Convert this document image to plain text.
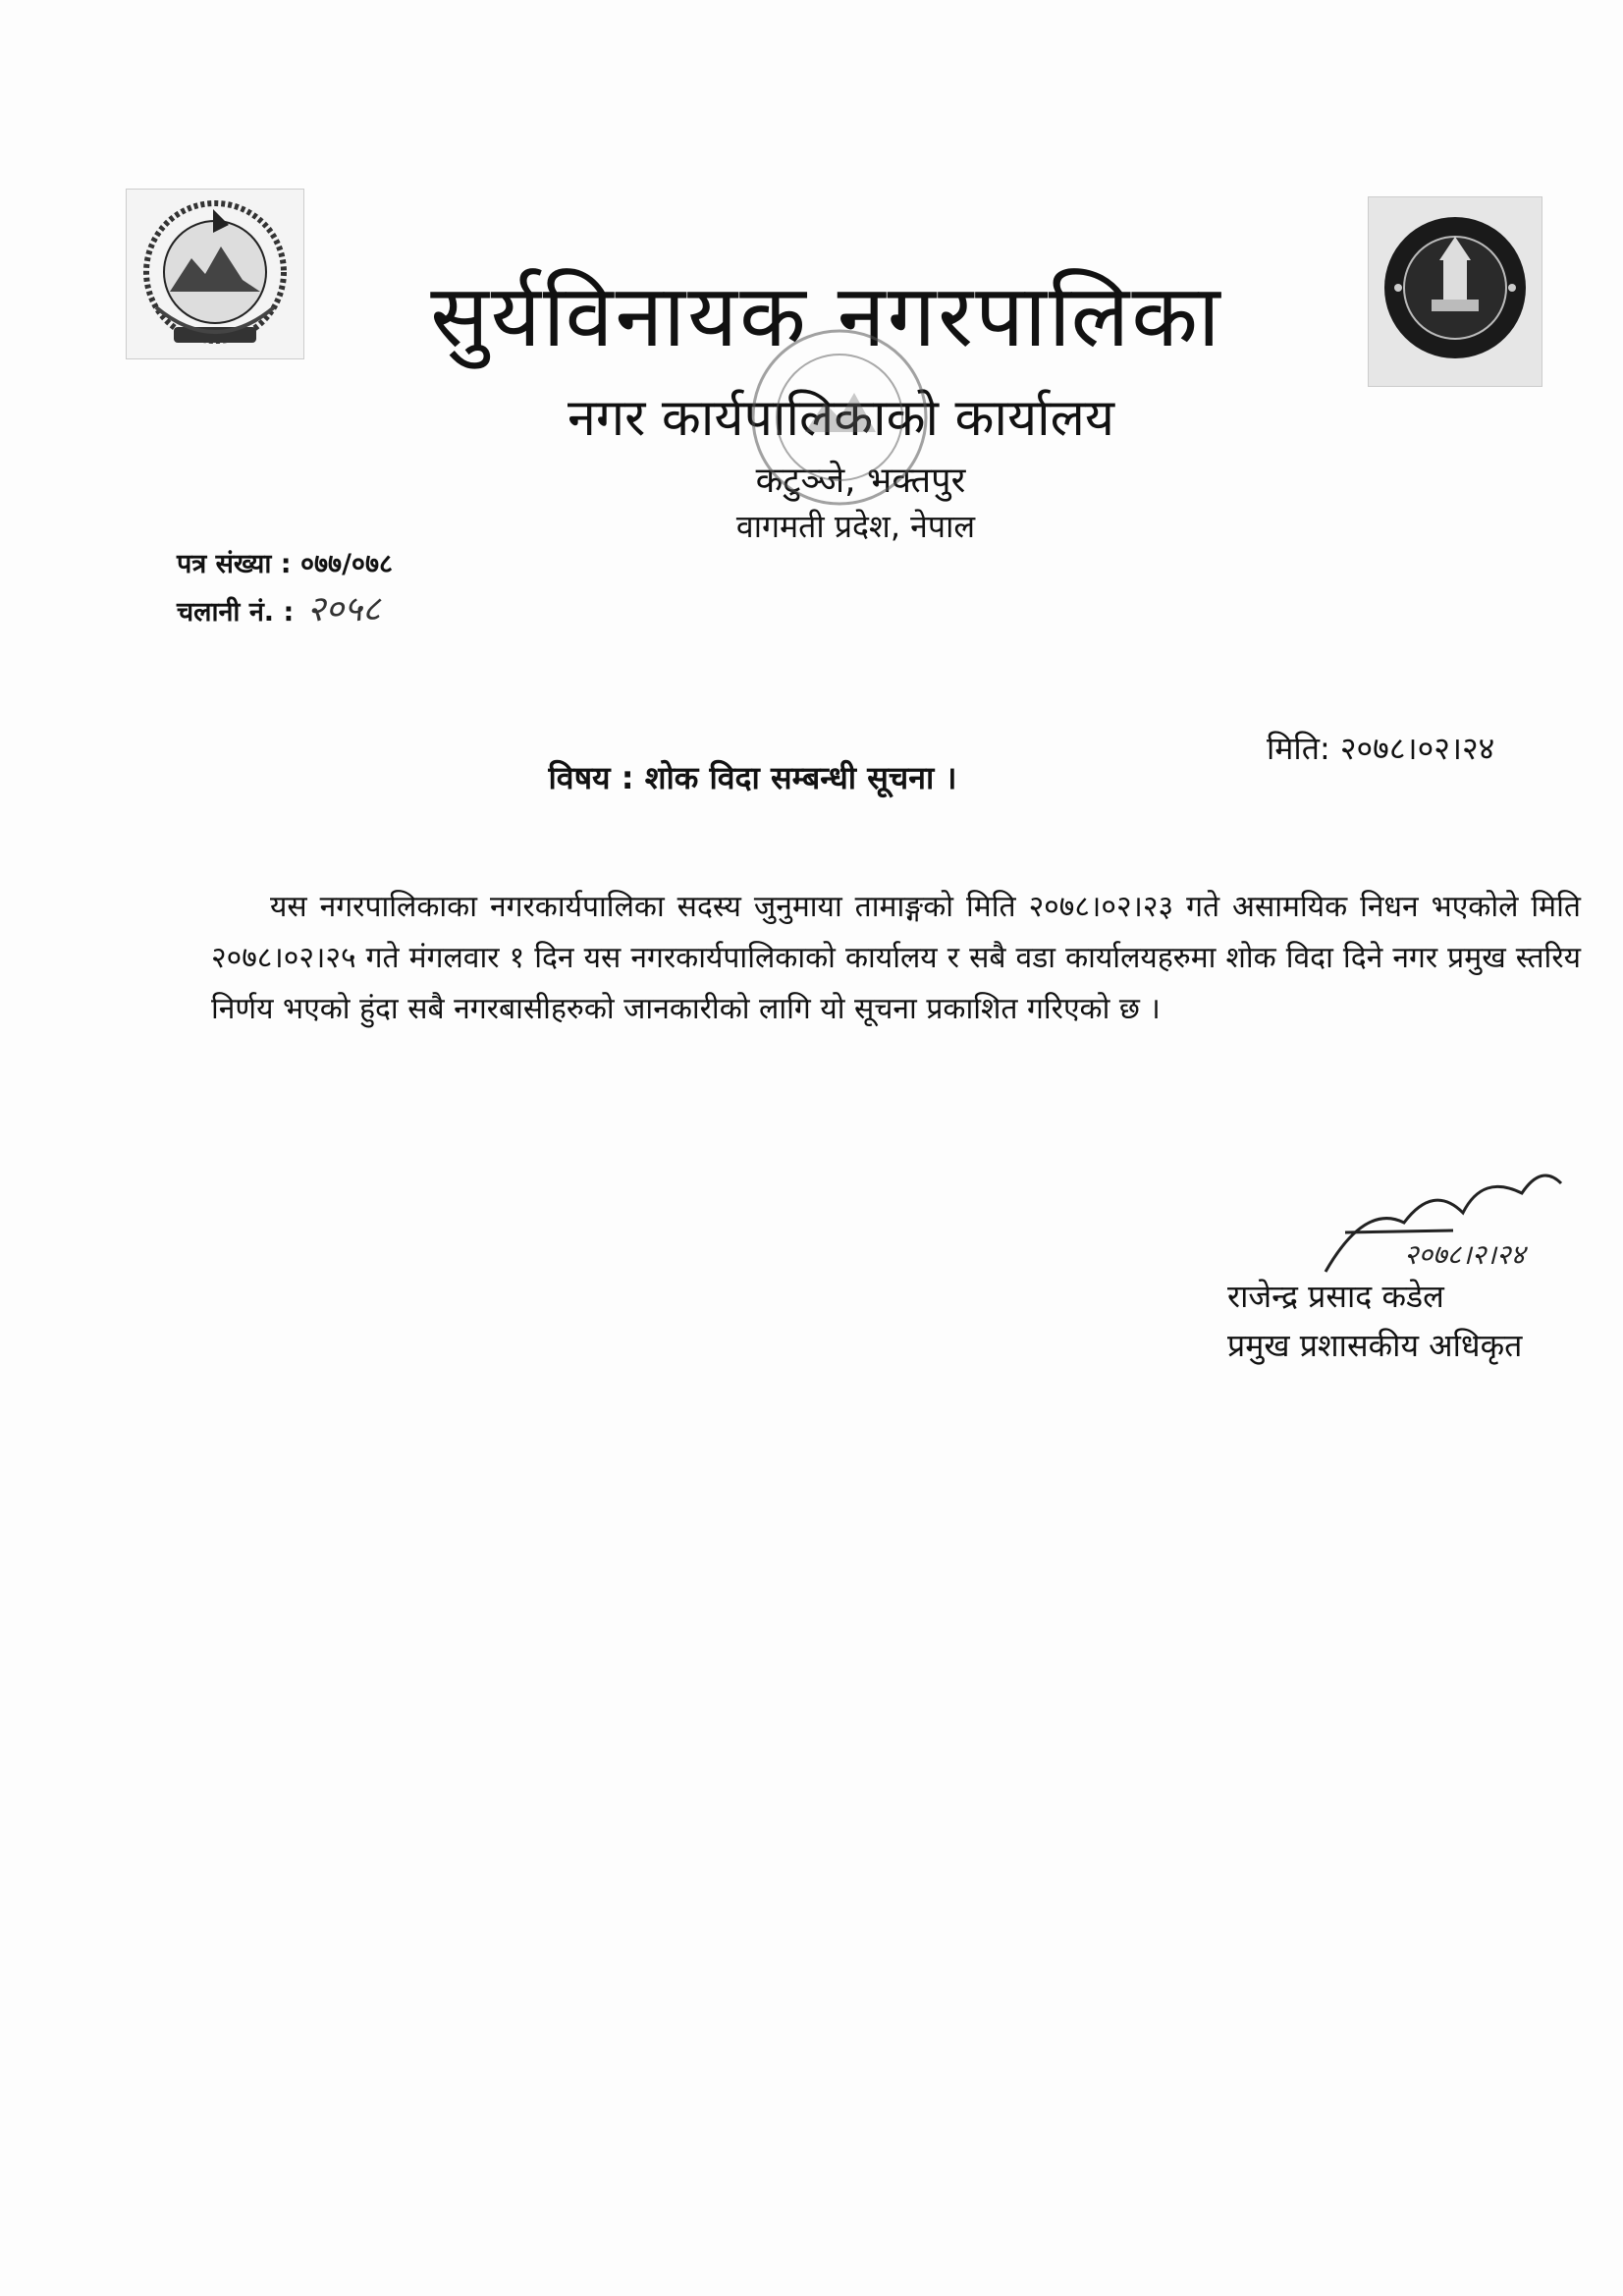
सुर्यविनायक नगरपालिका
नगर कार्यपालिकाको कार्यालय
कटुञ्जे, भक्तपुर
वागमती प्रदेश, नेपाल
पत्र संख्या : ०७७/०७८
चलानी नं. : २०५८
मिति: २०७८।०२।२४
विषय : शोक विदा सम्बन्धी सूचना ।

यस नगरपालिकाका नगरकार्यपालिका सदस्य जुनुमाया तामाङ्गको मिति २०७८।०२।२३ गते असामयिक निधन भएकोले मिति २०७८।०२।२५ गते मंगलवार १ दिन यस नगरकार्यपालिकाको कार्यालय र सबै वडा कार्यालयहरुमा शोक विदा दिने नगर प्रमुख स्तरिय निर्णय भएको हुंदा सबै नगरबासीहरुको जानकारीको लागि यो सूचना प्रकाशित गरिएको छ ।

२०७८।२।२४
राजेन्द्र प्रसाद कडेल
प्रमुख प्रशासकीय अधिकृत
